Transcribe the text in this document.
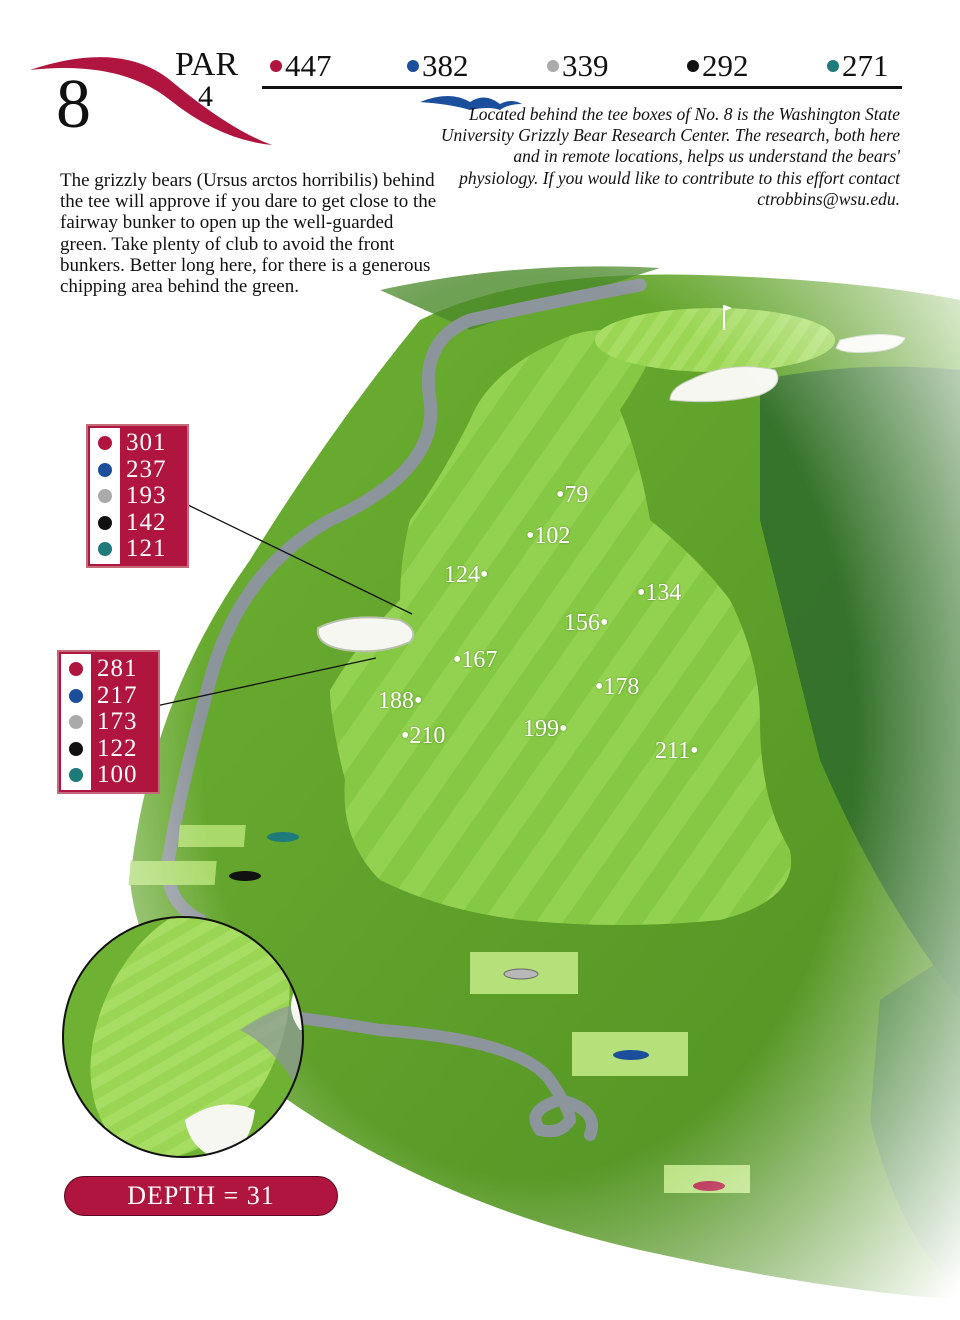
8
PAR
4
447	382	339	292	271
The grizzly bears (Ursus arctos horribilis) behind the tee will approve if you dare to get close to the fairway bunker to open up the well-guarded green. Take plenty of club to avoid the front bunkers. Better long here, for there is a generous chipping area behind the green.
Located behind the tee boxes of No. 8 is the Washington State University Grizzly Bear Research Center. The research, both here and in remote locations, helps us understand the bears' physiology. If you would like to contribute to this effort contact ctrobbins@wsu.edu.
301
237
193
142
121
281
217
173
122
100
•79
•102
124•
•134
156•
•167
•178
188•
199•
•210
211•
DEPTH = 31
